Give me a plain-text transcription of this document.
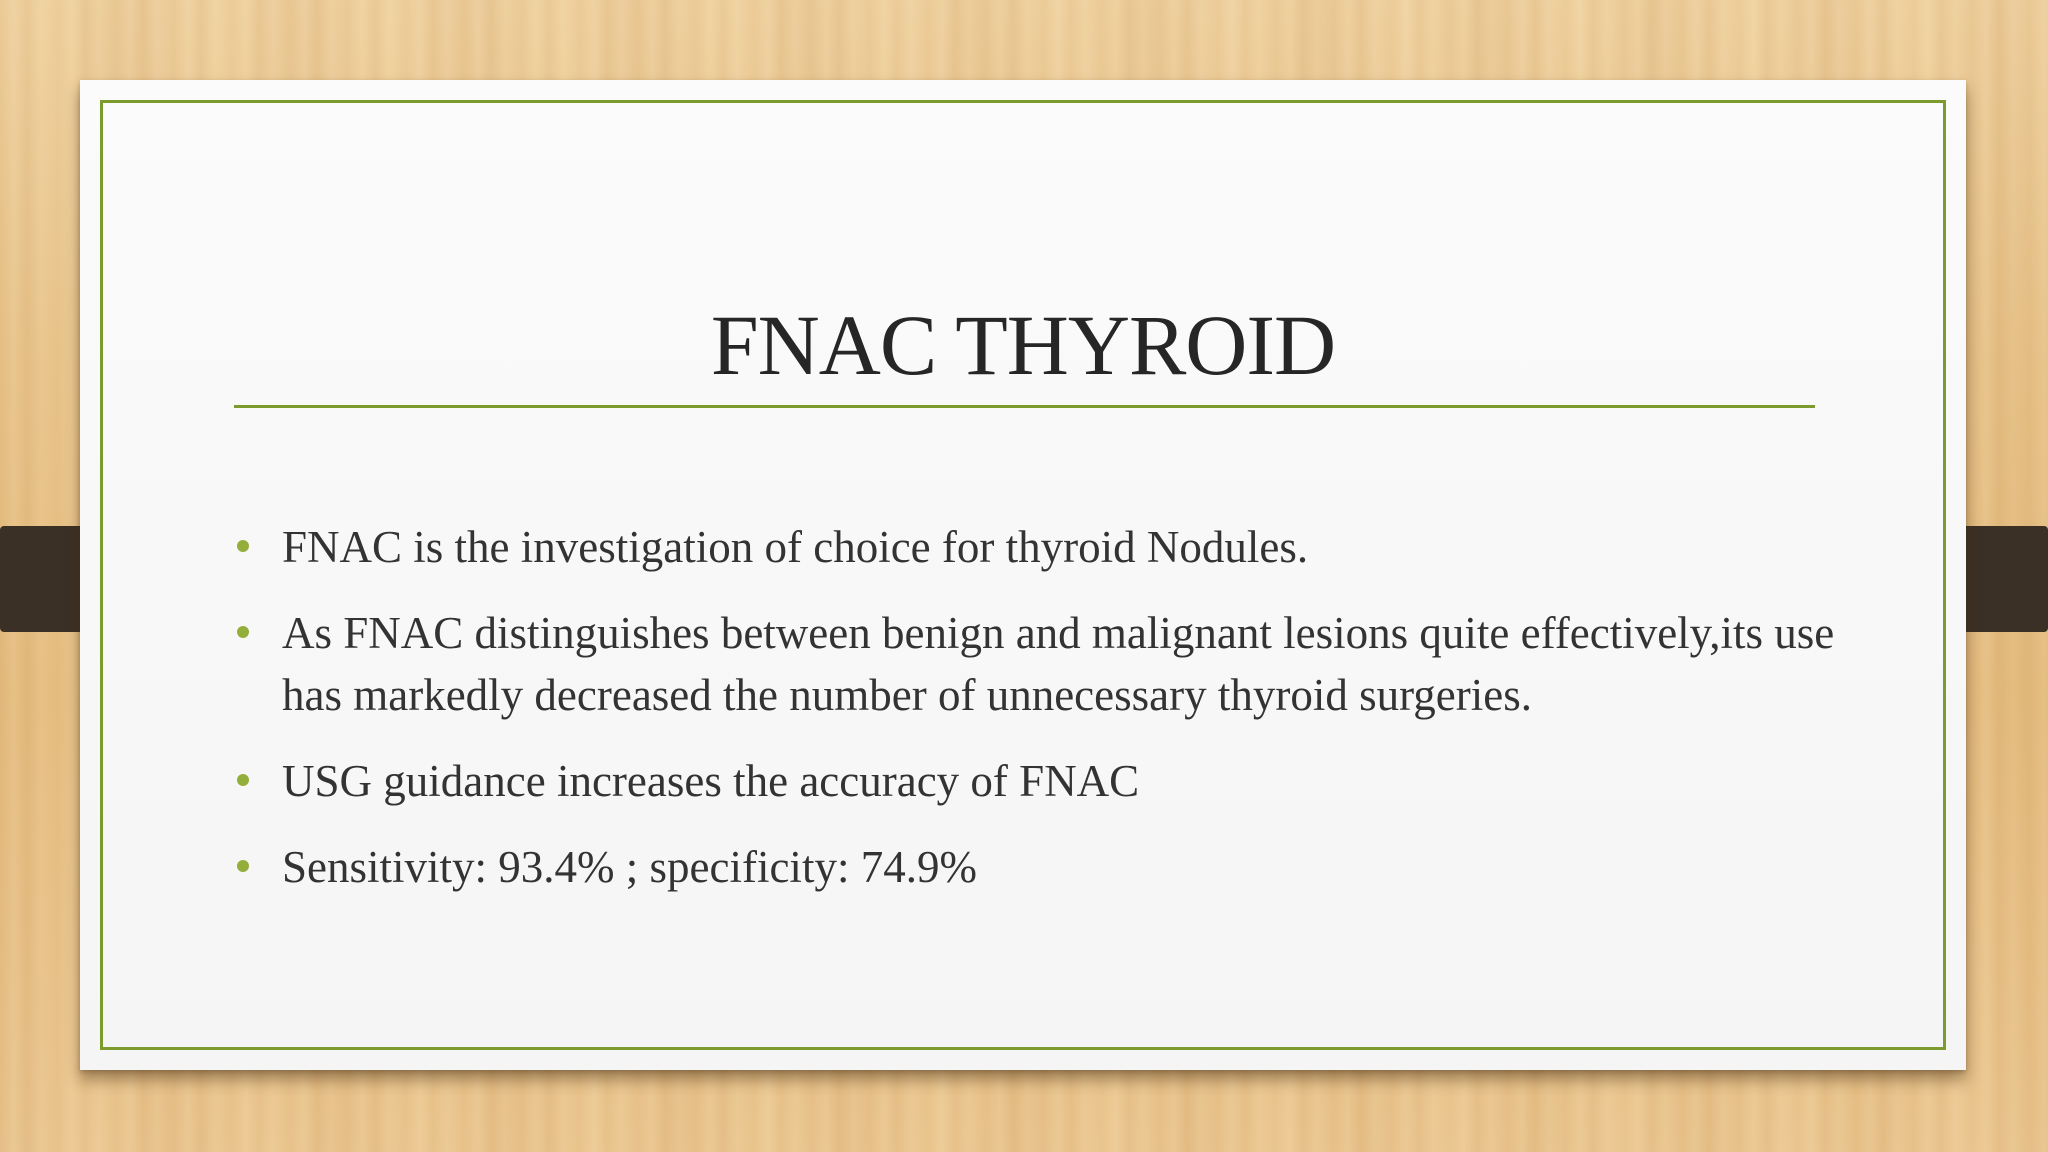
FNAC THYROID
FNAC is the investigation of choice for thyroid Nodules.
As FNAC distinguishes between benign and malignant lesions quite effectively,its use has markedly decreased the number of unnecessary thyroid surgeries.
USG guidance increases the accuracy of FNAC
Sensitivity: 93.4% ; specificity: 74.9%
